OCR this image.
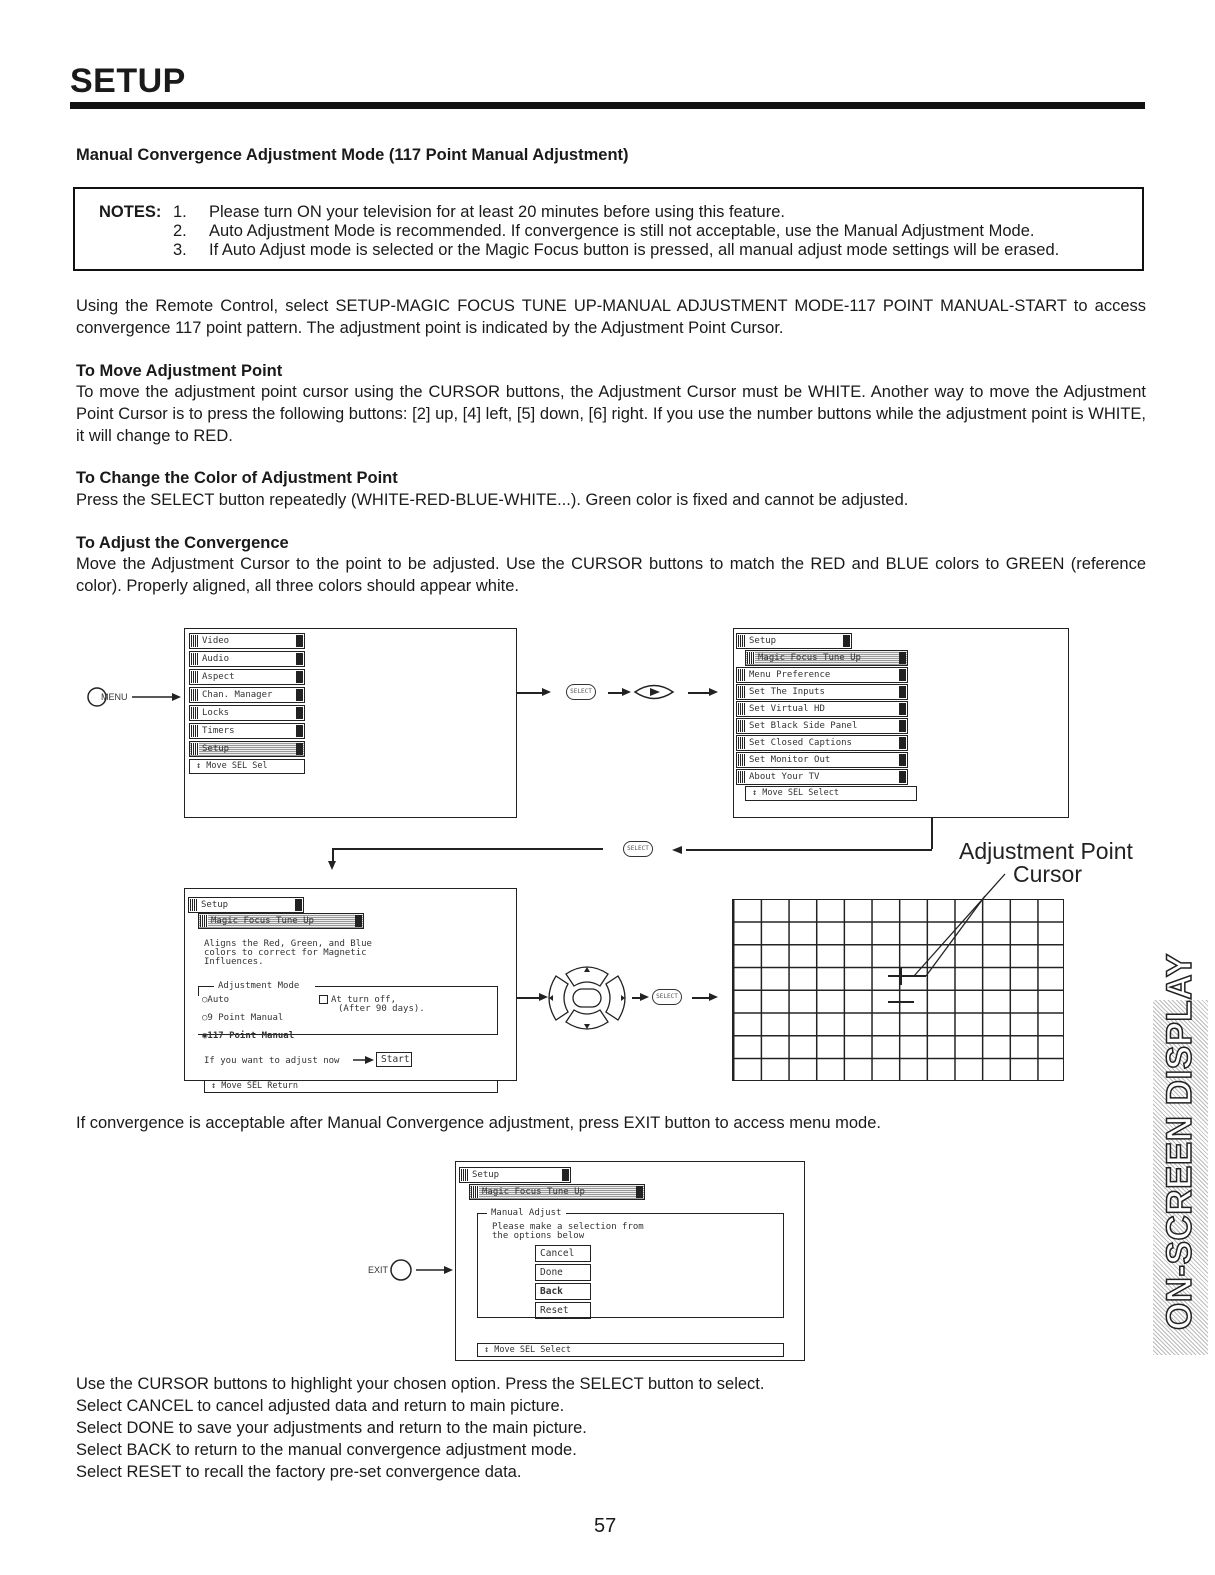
SETUP
Manual Convergence Adjustment Mode (117 Point Manual Adjustment)
NOTES: 1. Please turn ON your television for at least 20 minutes before using this feature.
2. Auto Adjustment Mode is recommended. If convergence is still not acceptable, use the Manual Adjustment Mode.
3. If Auto Adjust mode is selected or the Magic Focus button is pressed, all manual adjust mode settings will be erased.
Using the Remote Control, select SETUP-MAGIC FOCUS TUNE UP-MANUAL ADJUSTMENT MODE-117 POINT MANUAL-START to access convergence 117 point pattern. The adjustment point is indicated by the Adjustment Point Cursor.
To Move Adjustment Point
To move the adjustment point cursor using the CURSOR buttons, the Adjustment Cursor must be WHITE. Another way to move the Adjustment Point Cursor is to press the following buttons: [2] up, [4] left, [5] down, [6] right. If you use the number buttons while the adjustment point is WHITE, it will change to RED.
To Change the Color of Adjustment Point
Press the SELECT button repeatedly (WHITE-RED-BLUE-WHITE...). Green color is fixed and cannot be adjusted.
To Adjust the Convergence
Move the Adjustment Cursor to the point to be adjusted. Use the CURSOR buttons to match the RED and BLUE colors to GREEN (reference color). Properly aligned, all three colors should appear white.
MENU
Video
Audio
Aspect
Chan. Manager
Locks
Timers
Setup
↕ Move SEL Sel
SELECT
Setup
Magic Focus Tune Up
Menu Preference
Set The Inputs
Set Virtual HD
Set Black Side Panel
Set Closed Captions
Set Monitor Out
About Your TV
↕ Move SEL Select
SELECT	Adjustment Point
Cursor
Setup
Magic Focus Tune Up
Aligns the Red, Green, and Blue
colors to correct for Magnetic
Influences.
Adjustment Mode
○Auto
○9 Point Manual
◉117 Point Manual
At turn off,
(After 90 days).
If you want to adjust now	Start
↕ Move SEL Return
SELECT
If convergence is acceptable after Manual Convergence adjustment, press EXIT button to access menu mode.
EXIT
Setup
Magic Focus Tune Up
Manual Adjust
Please make a selection from
the options below
Cancel
Done
Back
Reset
↕ Move SEL Select
Use the CURSOR buttons to highlight your chosen option. Press the SELECT button to select.
Select CANCEL to cancel adjusted data and return to main picture.
Select DONE to save your adjustments and return to the main picture.
Select BACK to return to the manual convergence adjustment mode.
Select RESET to recall the factory pre-set convergence data.
ON-SCREEN DISPLAY
57
